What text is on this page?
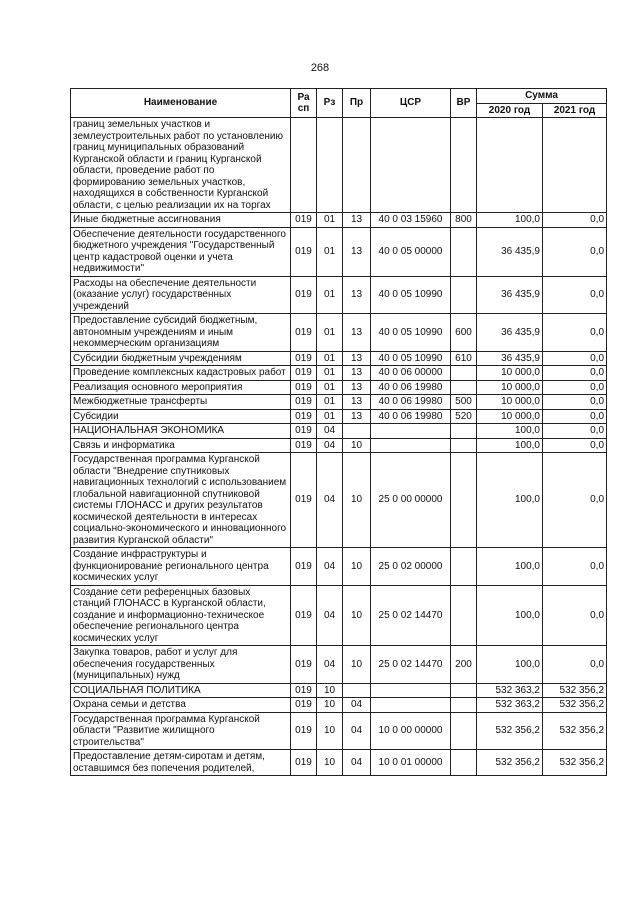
268
Наименование	Ра сп	Рз	Пр	ЦСР	ВР	Сумма	
						2020 год	2021 год
границ земельных участков и землеустроительных работ по установлению границ муниципальных образований Курганской области и границ Курганской области, проведение работ по формированию земельных участков, находящихся в собственности Курганской области, с целью реализации их на торгах							
Иные бюджетные ассигнования	019	01	13	40 0 03 15960	800	100,0	0,0
Обеспечение деятельности государственного бюджетного учреждения "Государственный центр кадастровой оценки и учета недвижимости"	019	01	13	40 0 05 00000		36 435,9	0,0
Расходы на обеспечение деятельности (оказание услуг) государственных учреждений	019	01	13	40 0 05 10990		36 435,9	0,0
Предоставление субсидий бюджетным, автономным учреждениям и иным некоммерческим организациям	019	01	13	40 0 05 10990	600	36 435,9	0,0
Субсидии бюджетным учреждениям	019	01	13	40 0 05 10990	610	36 435,9	0,0
Проведение комплексных кадастровых работ	019	01	13	40 0 06 00000		10 000,0	0,0
Реализация основного мероприятия	019	01	13	40 0 06 19980		10 000,0	0,0
Межбюджетные трансферты	019	01	13	40 0 06 19980	500	10 000,0	0,0
Субсидии	019	01	13	40 0 06 19980	520	10 000,0	0,0
НАЦИОНАЛЬНАЯ ЭКОНОМИКА	019	04				100,0	0,0
Связь и информатика	019	04	10			100,0	0,0
Государственная программа Курганской области "Внедрение спутниковых навигационных технологий с использованием глобальной навигационной спутниковой системы ГЛОНАСС и других результатов космической деятельности в интересах социально-экономического и инновационного развития Курганской области"	019	04	10	25 0 00 00000		100,0	0,0
Создание инфраструктуры и функционирование регионального центра космических услуг	019	04	10	25 0 02 00000		100,0	0,0
Создание сети референцных базовых станций ГЛОНАСС в Курганской области, создание и информационно-техническое обеспечение регионального центра космических услуг	019	04	10	25 0 02 14470		100,0	0,0
Закупка товаров, работ и услуг для обеспечения государственных (муниципальных) нужд	019	04	10	25 0 02 14470	200	100,0	0,0
СОЦИАЛЬНАЯ ПОЛИТИКА	019	10				532 363,2	532 356,2
Охрана семьи и детства	019	10	04			532 363,2	532 356,2
Государственная программа Курганской области "Развитие жилищного строительства"	019	10	04	10 0 00 00000		532 356,2	532 356,2
Предоставление детям-сиротам и детям, оставшимся без попечения родителей,	019	10	04	10 0 01 00000		532 356,2	532 356,2
